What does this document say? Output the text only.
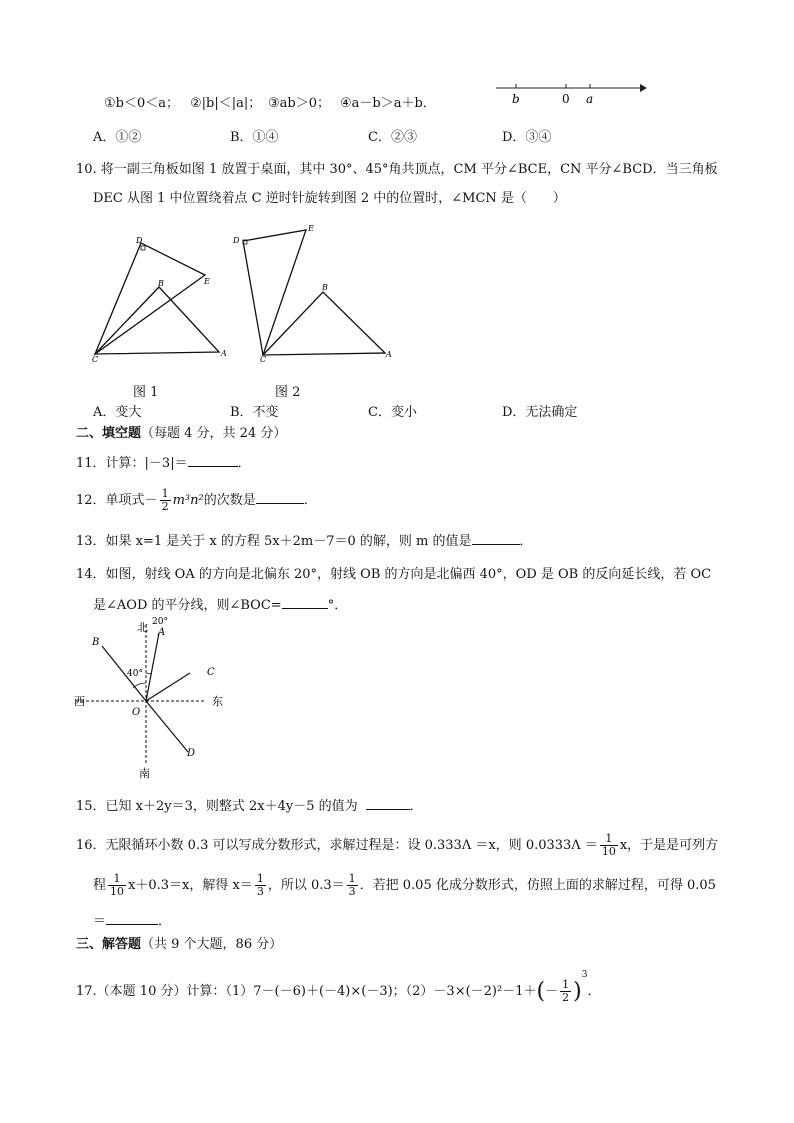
①b＜0＜a； ②|b|＜|a|； ③ab＞0； ④a－b＞a＋b．	b	0 a
A．①②	B．①④	C．②③	D．③④
10. 将一副三角板如图 1 放置于桌面，其中 30°、45°角共顶点，CM 平分∠BCE，CN 平分∠BCD．当三角板
DEC 从图 1 中位置绕着点 C 逆时针旋转到图 2 中的位置时，∠MCN 是（　　）
D
E
B
C
A
D
E
B
C
A
图 1	图 2
A．变大	B．不变	C．变小	D．无法确定
二、填空题（每题 4 分，共 24 分）
11．计算：|－3|＝	．
12．单项式－ $\frac{1}{2} m^3n^2$的次数是	．
13．如果 x=1 是关于 x 的方程 5x＋2m－7＝0 的解，则 m 的值是	．
14．如图，射线 OA 的方向是北偏东 20°，射线 OB 的方向是北偏西 40°，OD 是 OB 的反向延长线，若 OC
是∠AOD 的平分线，则∠BOC=	°．
北
南
西	东
A
B
C
D
O
20°
40°
15．已知 x＋2y＝3，则整式 2x＋4y－5 的值为	．
16．无限循环小数 0.3 可以写成分数形式，求解过程是：设 0.333Λ ＝x，则 $0.0333\Lambda = \frac{1}{10}$ x，于是是可列方
程 $\frac{1}{10} x+0.3=x$，解得 $x= \frac{1}{3}$ ，所以 $0.3= \frac{1}{3}$ ．若把 0.05 化成分数形式，仿照上面的求解过程，可得 0.05
＝	．
三、解答题（共 9 个大题，86 分）
17.（本题 10 分）计算：（1）7－(－6)＋(－4)×(－3)；$(2)-3\times(-2)^2-1+(- \frac{1}{2} )^3$．
